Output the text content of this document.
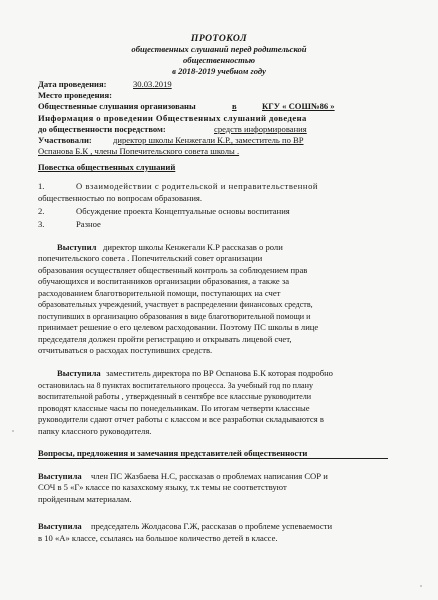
ПРОТОКОЛ
общественных слушаний перед родительской
общественностью
в 2018-2019 учебном году
Дата проведения:	30.03.2019
Место проведения:
Общественные слушания организованы	в	КГУ « СОШ№86 »
Информация о проведении Общественных слушаний доведена
до общественности посредством:	средств информирования
Участвовали: директор школы Кенжегали К.Р., заместитель по ВР
Оспанова Б.К , члены Попечительского совета школы .
Повестка общественных слушаний
1.	О взаимодействии с родительской и неправительственной
общественностью по вопросам образования.
2.	Обсуждение проекта Концептуальные основы воспитания
3.	Разное
Выступил директор школы Кенжегали К.Р рассказав о роли
попечительского совета . Попечительский совет организации
образования осуществляет общественный контроль за соблюдением прав
обучающихся и воспитанников организации образования, а также за
расходованием благотворительной помощи, поступающих на счет
образовательных учреждений, участвует в распределении финансовых средств,
поступивших в организацию образования в виде благотворительной помощи и
принимает решение о его целевом расходовании. Поэтому ПС школы в лице
председателя должен пройти регистрацию и открывать лицевой счет,
отчитываться о расходах поступивших средств.
Выступила заместитель директора по ВР Оспанова Б.К которая подробно
остановилась на 8 пунктах воспитательного процесса. За учебный год по плану
воспитательной работы , утвержденный в сентябре все классные руководители
проводят классные часы по понедельникам. По итогам четверти классные
руководители сдают отчет работы с классом и все разработки складываются в
папку классного руководителя.
Вопросы, предложения и замечания представителей общественности
Выступила член ПС Жазбаева Н.С, рассказав о проблемах написания СОР и
СОЧ в 5 «Г» классе по казахскому языку, т.к темы не соответствуют
пройденным материалам.
Выступила председатель Жолдасова Г.Ж, рассказав о проблеме успеваемости
в 10 «А» классе, ссылаясь на большое количество детей в классе.
